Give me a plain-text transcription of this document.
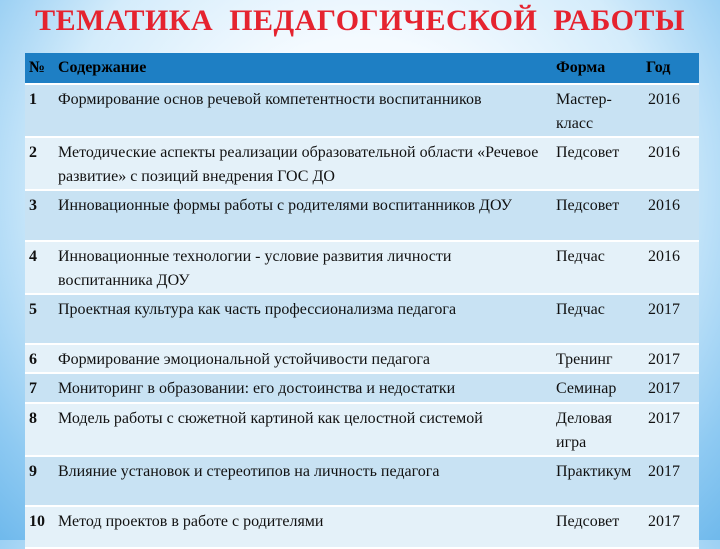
ТЕМАТИКА  ПЕДАГОГИЧЕСКОЙ  РАБОТЫ
№	Содержание	Форма	Год
1	Формирование основ речевой компетентности воспитанников	Мастер-класс	2016
2	Методические аспекты реализации образовательной области «Речевое развитие» с позиций внедрения ГОС ДО	Педсовет	2016
3	Инновационные формы работы с родителями воспитанников ДОУ	Педсовет	2016
4	Инновационные технологии - условие развития личности воспитанника ДОУ	Педчас	2016
5	Проектная культура как часть профессионализма педагога	Педчас	2017
6	Формирование эмоциональной устойчивости педагога	Тренинг	2017
7	Мониторинг в образовании: его достоинства и недостатки	Семинар	2017
8	Модель работы с сюжетной картиной как целостной системой	Деловая игра	2017
9	Влияние установок и стереотипов на личность педагога	Практикум	2017
10	Метод проектов в работе с родителями	Педсовет	2017
